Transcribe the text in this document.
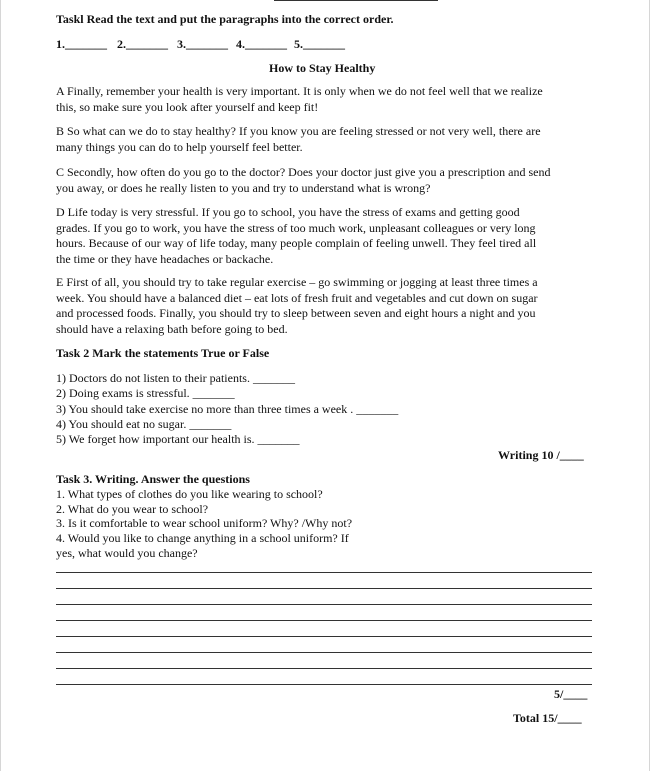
Taskl Read the text and put the paragraphs into the correct order.

1._______ 2._______ 3._______ 4._______ 5._______

How to Stay Healthy

A Finally, remember your health is very important. It is only when we do not feel well that we realize
this, so make sure you look after yourself and keep fit!
B So what can we do to stay healthy? If you know you are feeling stressed or not very well, there are
many things you can do to help yourself feel better.
C Secondly, how often do you go to the doctor? Does your doctor just give you a prescription and send
you away, or does he really listen to you and try to understand what is wrong?
D Life today is very stressful. If you go to school, you have the stress of exams and getting good
grades. If you go to work, you have the stress of too much work, unpleasant colleagues or very long
hours. Because of our way of life today, many people complain of feeling unwell. They feel tired all
the time or they have headaches or backache.
E First of all, you should try to take regular exercise – go swimming or jogging at least three times a
week. You should have a balanced diet – eat lots of fresh fruit and vegetables and cut down on sugar
and processed foods. Finally, you should try to sleep between seven and eight hours a night and you
should have a relaxing bath before going to bed.

Task 2 Mark the statements True or False

1) Doctors do not listen to their patients. _______

2) Doing exams is stressful. _______

3) You should take exercise no more than three times a week . _______

4) You should eat no sugar. _______

5) We forget how important our health is. _______

Writing 10 /____

Task 3. Writing. Answer the questions

1. What types of clothes do you like wearing to school?

2. What do you wear to school?

3. Is it comfortable to wear school uniform? Why? /Why not?

4. Would you like to change anything in a school uniform? If

yes, what would you change?

5/____

Total 15/____
